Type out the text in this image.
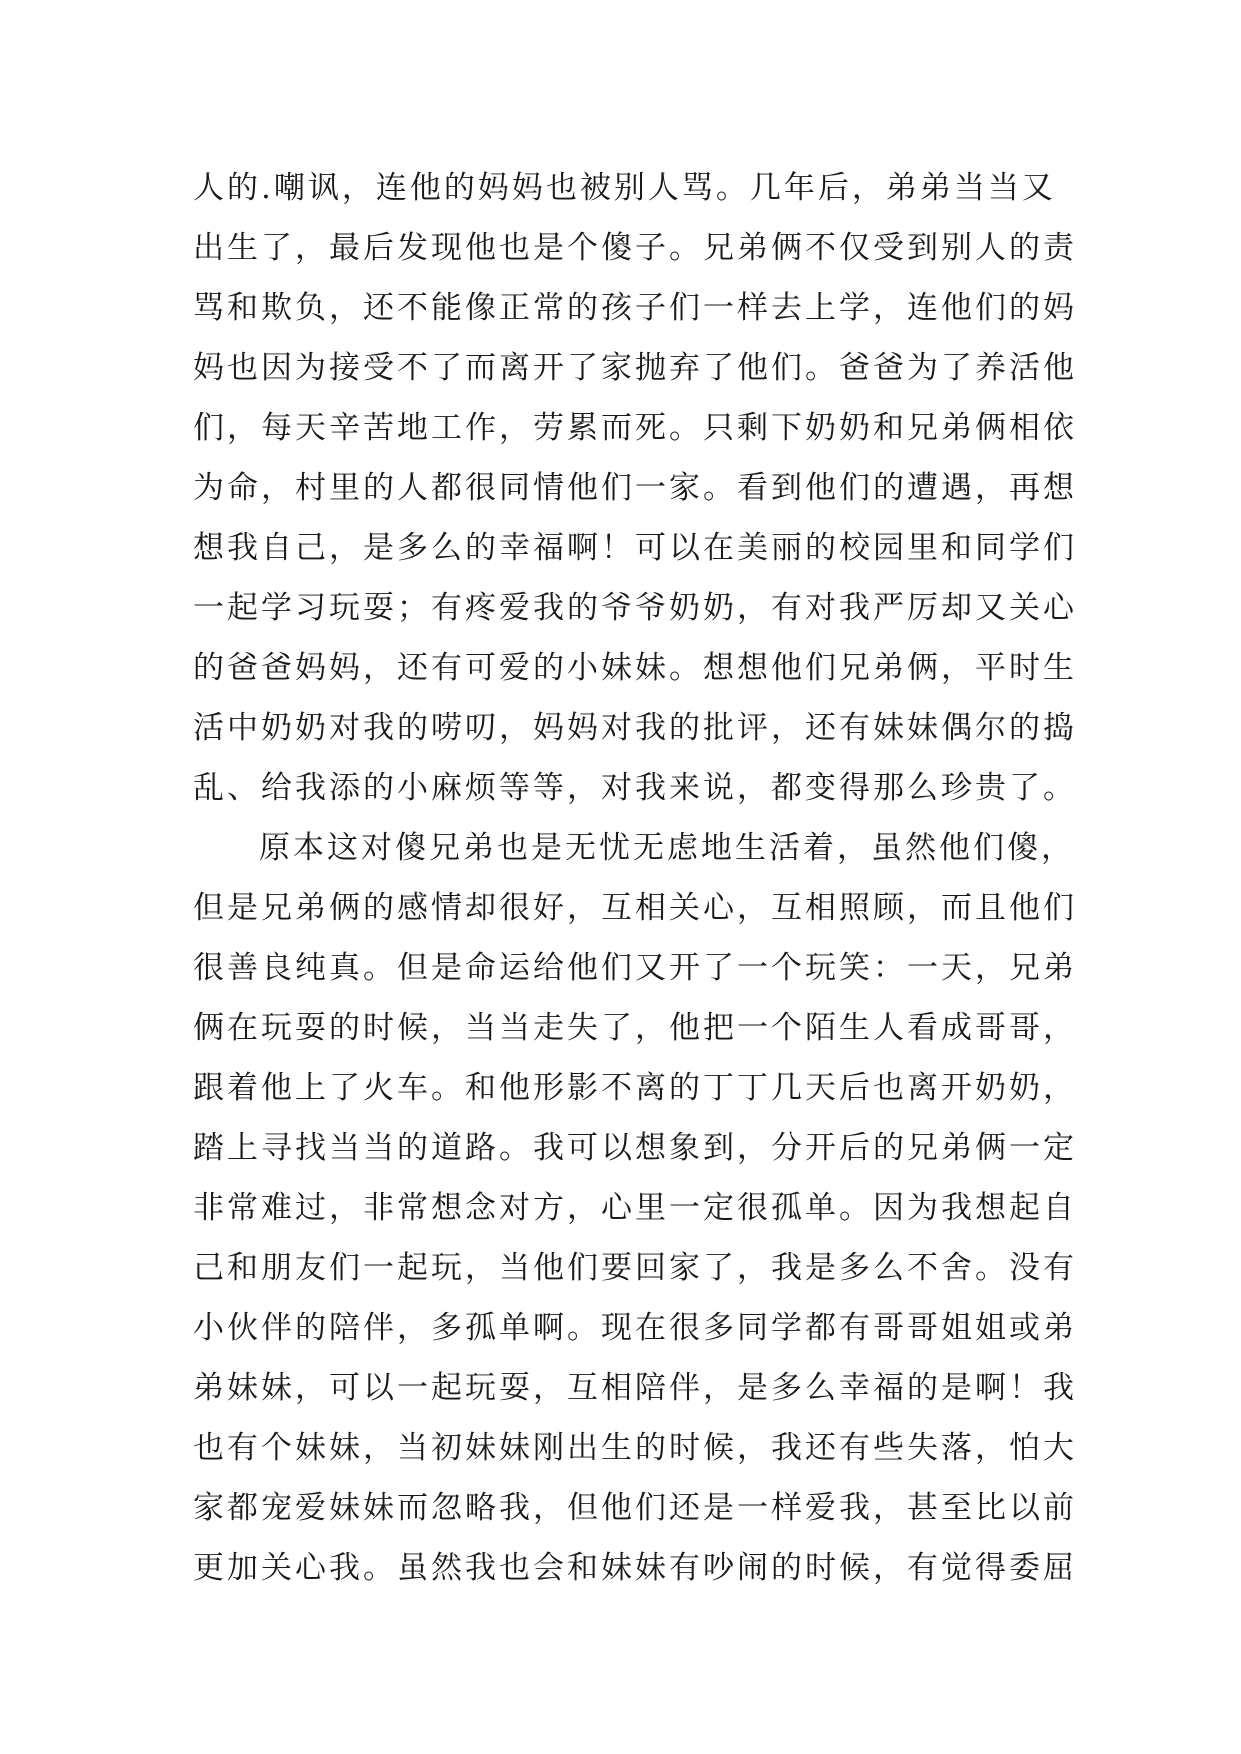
人的.嘲讽，连他的妈妈也被别人骂。几年后，弟弟当当又
出生了，最后发现他也是个傻子。兄弟俩不仅受到别人的责
骂和欺负，还不能像正常的孩子们一样去上学，连他们的妈
妈也因为接受不了而离开了家抛弃了他们。爸爸为了养活他
们，每天辛苦地工作，劳累而死。只剩下奶奶和兄弟俩相依
为命，村里的人都很同情他们一家。看到他们的遭遇，再想
想我自己，是多么的幸福啊！可以在美丽的校园里和同学们
一起学习玩耍；有疼爱我的爷爷奶奶，有对我严厉却又关心
的爸爸妈妈，还有可爱的小妹妹。想想他们兄弟俩，平时生
活中奶奶对我的唠叨，妈妈对我的批评，还有妹妹偶尔的捣
乱、给我添的小麻烦等等，对我来说，都变得那么珍贵了。
原本这对傻兄弟也是无忧无虑地生活着，虽然他们傻，
但是兄弟俩的感情却很好，互相关心，互相照顾，而且他们
很善良纯真。但是命运给他们又开了一个玩笑：一天，兄弟
俩在玩耍的时候，当当走失了，他把一个陌生人看成哥哥，
跟着他上了火车。和他形影不离的丁丁几天后也离开奶奶，
踏上寻找当当的道路。我可以想象到，分开后的兄弟俩一定
非常难过，非常想念对方，心里一定很孤单。因为我想起自
己和朋友们一起玩，当他们要回家了，我是多么不舍。没有
小伙伴的陪伴，多孤单啊。现在很多同学都有哥哥姐姐或弟
弟妹妹，可以一起玩耍，互相陪伴，是多么幸福的是啊！我
也有个妹妹，当初妹妹刚出生的时候，我还有些失落，怕大
家都宠爱妹妹而忽略我，但他们还是一样爱我，甚至比以前
更加关心我。虽然我也会和妹妹有吵闹的时候，有觉得委屈
